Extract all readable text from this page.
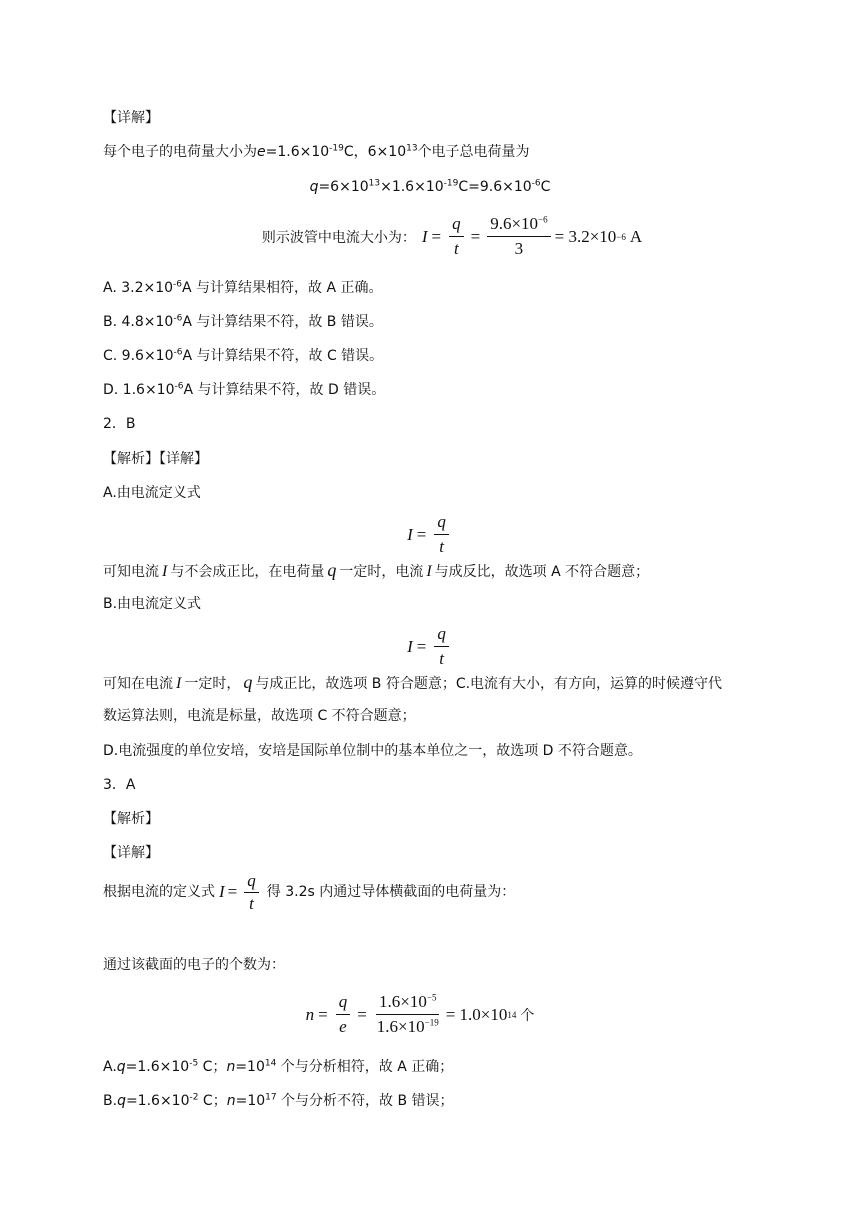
【详解】
每个电子的电荷量大小为$e=1.6\times 10^{-19}C$，$6\times 10^{13}$个电子总电荷量为
$q=6\times 10^{13}\times 1.6\times 10^{-19}C=9.6\times 10^{-6}C$
则示波管中电流大小为： $I = \frac{q}{t} = \frac{9.6\times 10^{-6}}{3} = 3.2\times 10 -6$ A
A. $3.2\times 10^{-6}A$ 与计算结果相符，故 A 正确。
B. $4.8\times 10^{-6}A$ 与计算结果不符，故 B 错误。
C. $9.6\times 10^{-6}A$ 与计算结果不符，故 C 错误。
D. $1.6\times 10^{-6}A$ 与计算结果不符，故 D 错误。
2．B
【解析】【详解】
A.由电流定义式
$I = \frac{q}{t}$
可知电流 I 与不会成正比，在电荷量 q 一定时，电流 I 与成反比，故选项 A 不符合题意；
B.由电流定义式
$I = \frac{q}{t}$
可知在电流 I 一定时， q 与成正比，故选项 B 符合题意；C.电流有大小，有方向，运算的时候遵守代
数运算法则，电流是标量，故选项 C 不符合题意；
D.电流强度的单位安培，安培是国际单位制中的基本单位之一，故选项 D 不符合题意。
3．A
【解析】
【详解】
根据电流的定义式 $I = \frac{q}{t}$ 得 3.2s 内通过导体横截面的电荷量为：
通过该截面的电子的个数为：
$n = \frac{q}{e} = \frac{1.6\times 10^{-5}}{1.6\times 10^{-19}} = 1.0\times 10$ 14 个
$A.q=1.6\times 10^{-5}$ C；$n=10^{14}$ 个与分析相符，故 A 正确；
$B.q=1.6\times 10^{-2}$ C；$n=10^{17}$ 个与分析不符，故 B 错误；
